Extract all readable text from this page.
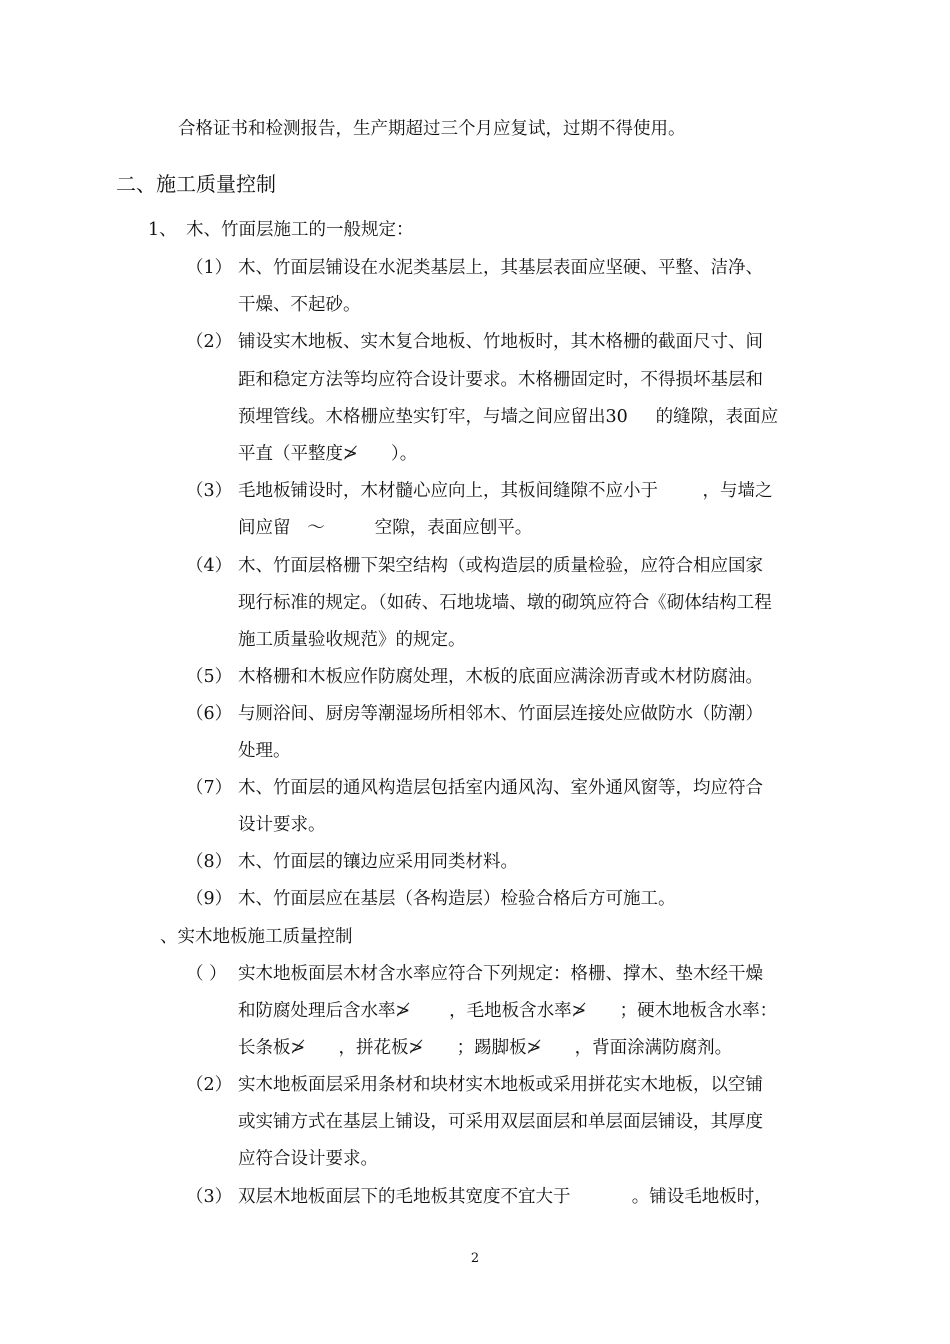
合格证书和检测报告，生产期超过三个月应复试，过期不得使用。
二、施工质量控制
1、 木、竹面层施工的一般规定：
（1） 木、竹面层铺设在水泥类基层上，其基层表面应坚硬、平整、洁净、
干燥、不起砂。
（2） 铺设实木地板、实木复合地板、竹地板时，其木格栅的截面尺寸、间
距和稳定方法等均应符合设计要求。木格栅固定时，不得损坏基层和
预埋管线。木格栅应垫实钉牢，与墙之间应留出30     的缝隙，表面应
平直（平整度≯      ）。
（3） 毛地板铺设时，木材髓心应向上，其板间缝隙不应小于        ，与墙之
间应留   ～         空隙，表面应刨平。
（4） 木、竹面层格栅下架空结构（或构造层的质量检验，应符合相应国家
现行标准的规定。（如砖、石地垅墙、墩的砌筑应符合《砌体结构工程
施工质量验收规范》的规定。
（5） 木格栅和木板应作防腐处理，木板的底面应满涂沥青或木材防腐油。
（6） 与厕浴间、厨房等潮湿场所相邻木、竹面层连接处应做防水（防潮）
处理。
（7） 木、竹面层的通风构造层包括室内通风沟、室外通风窗等，均应符合
设计要求。
（8） 木、竹面层的镶边应采用同类材料。
（9） 木、竹面层应在基层（各构造层）检验合格后方可施工。
、实木地板施工质量控制
（ ） 实木地板面层木材含水率应符合下列规定：格栅、撑木、垫木经干燥
和防腐处理后含水率≯       ，毛地板含水率≯      ；硬木地板含水率：
长条板≯      ，拼花板≯      ；踢脚板≯      ，背面涂满防腐剂。
（2） 实木地板面层采用条材和块材实木地板或采用拼花实木地板，以空铺
或实铺方式在基层上铺设，可采用双层面层和单层面层铺设，其厚度
应符合设计要求。
（3） 双层木地板面层下的毛地板其宽度不宜大于           。铺设毛地板时，
2
